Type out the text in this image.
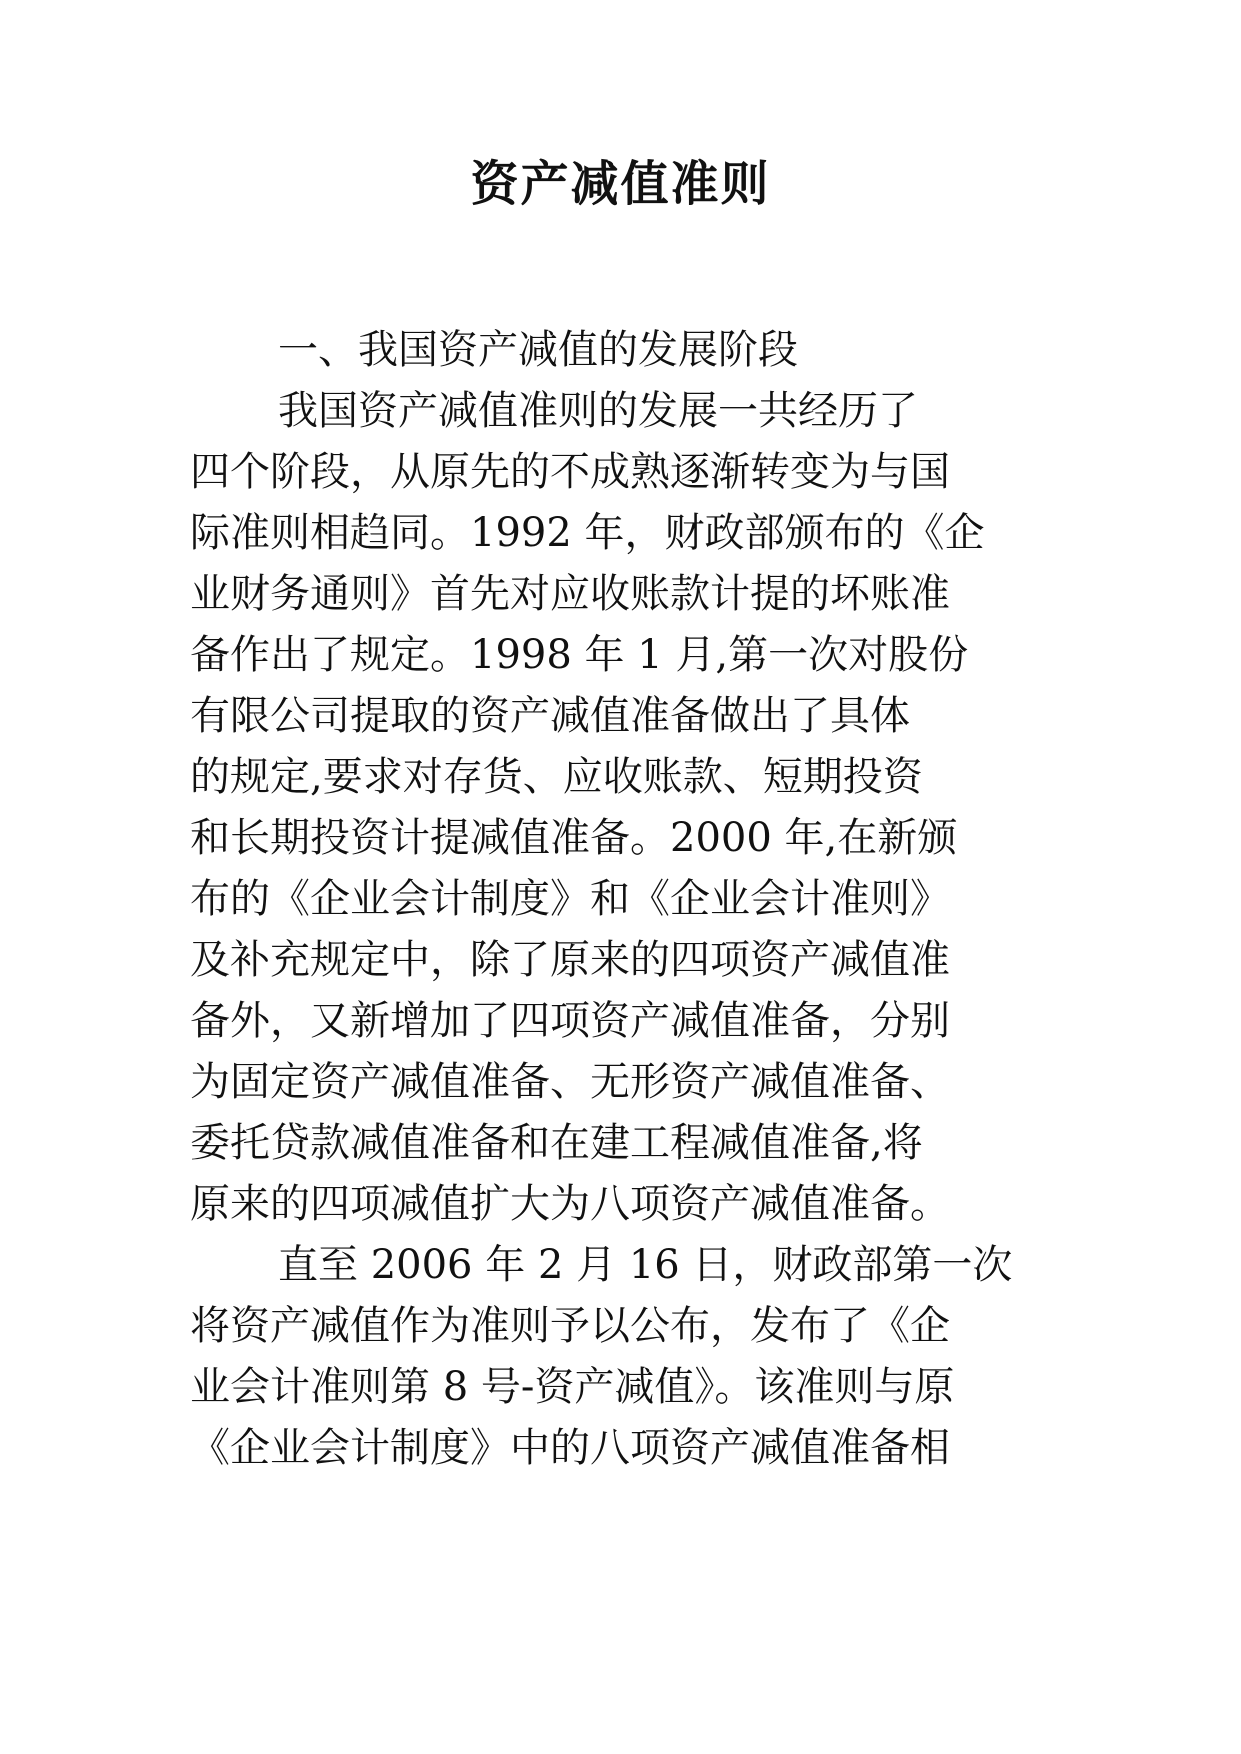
资产减值准则
一、我国资产减值的发展阶段
我国资产减值准则的发展一共经历了
四个阶段，从原先的不成熟逐渐转变为与国
际准则相趋同。1992 年，财政部颁布的《企
业财务通则》首先对应收账款计提的坏账准
备作出了规定。1998 年 1 月,第一次对股份
有限公司提取的资产减值准备做出了具体
的规定,要求对存货、应收账款、短期投资
和长期投资计提减值准备。2000 年,在新颁
布的《企业会计制度》和《企业会计准则》
及补充规定中，除了原来的四项资产减值准
备外，又新增加了四项资产减值准备，分别
为固定资产减值准备、无形资产减值准备、
委托贷款减值准备和在建工程减值准备,将
原来的四项减值扩大为八项资产减值准备。
直至 2006 年 2 月 16 日，财政部第一次
将资产减值作为准则予以公布，发布了《企
业会计准则第 8 号-资产减值》。该准则与原
《企业会计制度》中的八项资产减值准备相
